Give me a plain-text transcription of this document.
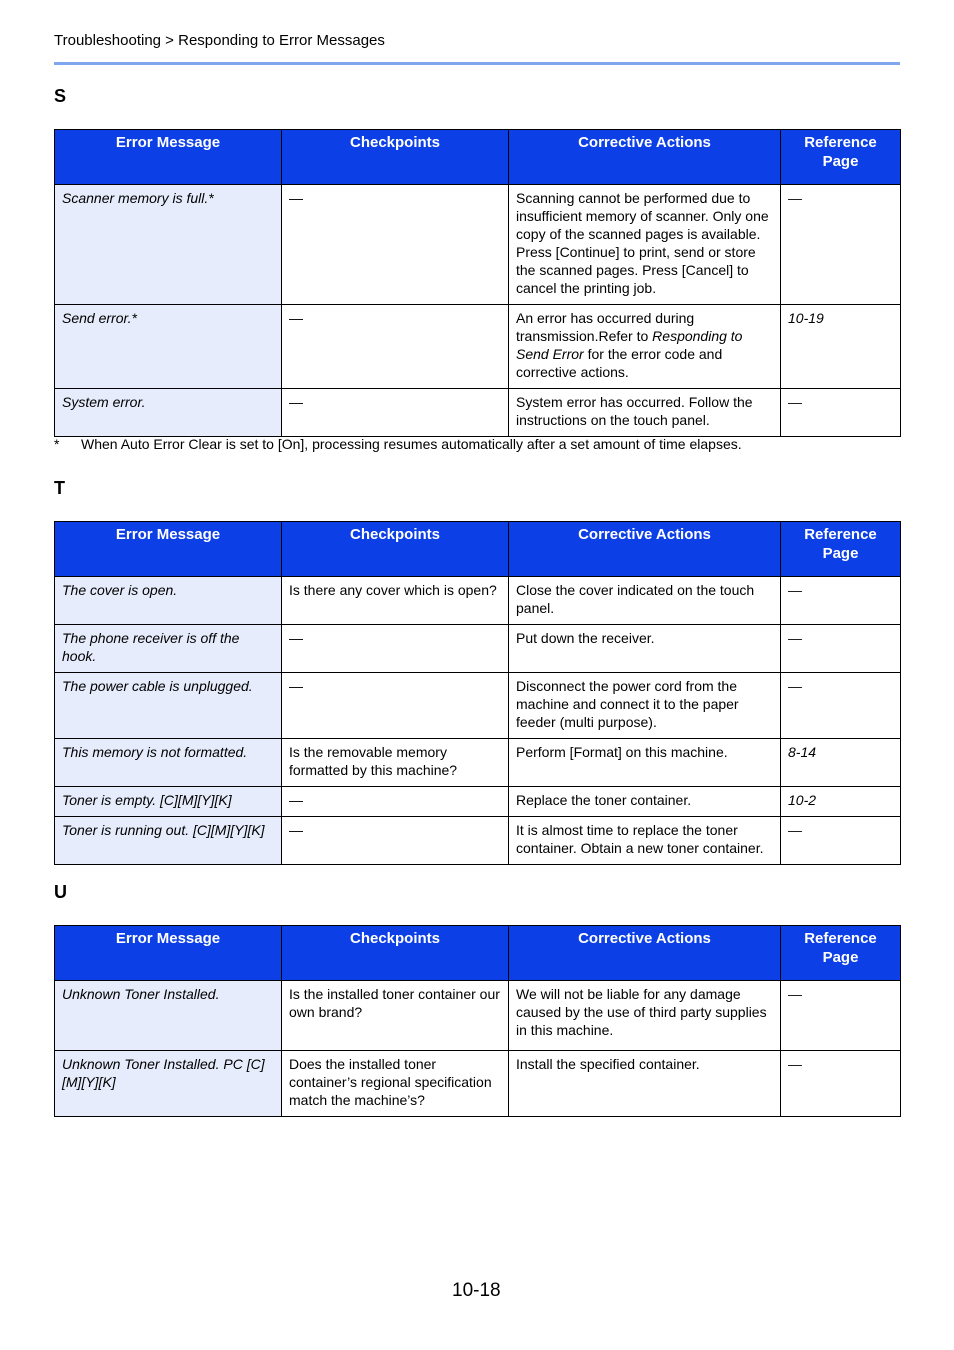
Troubleshooting > Responding to Error Messages
S
Error Message	Checkpoints	Corrective Actions	Reference Page
Scanner memory is full.*	—	Scanning cannot be performed due to insufficient memory of scanner. Only one copy of the scanned pages is available. Press [Continue] to print, send or store the scanned pages. Press [Cancel] to cancel the printing job.	—
Send error.*	—	An error has occurred during transmission.Refer to Responding to Send Error for the error code and corrective actions.	10-19
System error.	—	System error has occurred. Follow the instructions on the touch panel.	—
* When Auto Error Clear is set to [On], processing resumes automatically after a set amount of time elapses.
T
Error Message	Checkpoints	Corrective Actions	Reference Page
The cover is open.	Is there any cover which is open?	Close the cover indicated on the touch panel.	—
The phone receiver is off the hook.	—	Put down the receiver.	—
The power cable is unplugged.	—	Disconnect the power cord from the machine and connect it to the paper feeder (multi purpose).	—
This memory is not formatted.	Is the removable memory formatted by this machine?	Perform [Format] on this machine.	8-14
Toner is empty. [C][M][Y][K]	—	Replace the toner container.	10-2
Toner is running out. [C][M][Y][K]	—	It is almost time to replace the toner container. Obtain a new toner container.	—
U
Error Message	Checkpoints	Corrective Actions	Reference Page
Unknown Toner Installed.	Is the installed toner container our own brand?	We will not be liable for any damage caused by the use of third party supplies in this machine.	—
Unknown Toner Installed. PC [C][M][Y][K]	Does the installed toner container’s regional specification match the machine’s?	Install the specified container.	—
10-18
